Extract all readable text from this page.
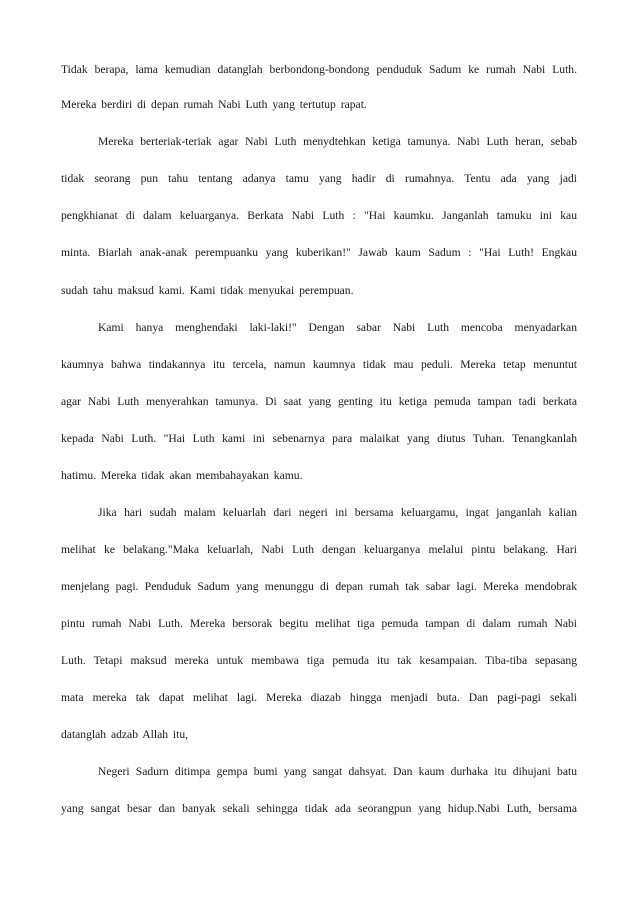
Tidak berapa, lama kemudian datanglah berbondong-bondong penduduk Sadum ke rumah Nabi Luth.
Mereka berdiri di depan rumah Nabi Luth yang tertutup rapat.
Mereka berteriak-teriak agar Nabi Luth menydtehkan ketiga tamunya. Nabi Luth heran, sebab
tidak seorang pun tahu tentang adanya tamu yang hadir di rumahnya. Tentu ada yang jadi
pengkhianat di dalam keluarganya. Berkata Nabi Luth : "Hai kaumku. Janganlah tamuku ini kau
minta. Biarlah anak-anak perempuanku yang kuberikan!" Jawab kaum Sadum : "Hai Luth! Engkau
sudah tahu maksud kami. Kami tidak menyukai perempuan.
Kami hanya menghendaki laki-laki!" Dengan sabar Nabi Luth mencoba menyadarkan
kaumnya bahwa tindakannya itu tercela, namun kaumnya tidak mau peduli. Mereka tetap menuntut
agar Nabi Luth menyerahkan tamunya. Di saat yang genting itu ketiga pemuda tampan tadi berkata
kepada Nabi Luth. "Hai Luth kami ini sebenarnya para malaikat yang diutus Tuhan. Tenangkanlah
hatimu. Mereka tidak akan membahayakan kamu.
Jika hari sudah malam keluarlah dari negeri ini bersama keluargamu, ingat janganlah kalian
melihat ke belakang."Maka keluarlah, Nabi Luth dengan keluarganya melalui pintu belakang. Hari
menjelang pagi. Penduduk Sadum yang menunggu di depan rumah tak sabar lagi. Mereka mendobrak
pintu rumah Nabi Luth. Mereka bersorak begitu melihat tiga pemuda tampan di dalam rumah Nabi
Luth. Tetapi maksud mereka untuk membawa tiga pemuda itu tak kesampaian. Tiba-tiba sepasang
mata mereka tak dapat melihat lagi. Mereka diazab hingga menjadi buta. Dan pagi-pagi sekali
datanglah adzab Allah itu,
Negeri Sadurn ditimpa gempa bumi yang sangat dahsyat. Dan kaum durhaka itu dihujani batu
yang sangat besar dan banyak sekali sehingga tidak ada seorangpun yang hidup.Nabi Luth, bersama
